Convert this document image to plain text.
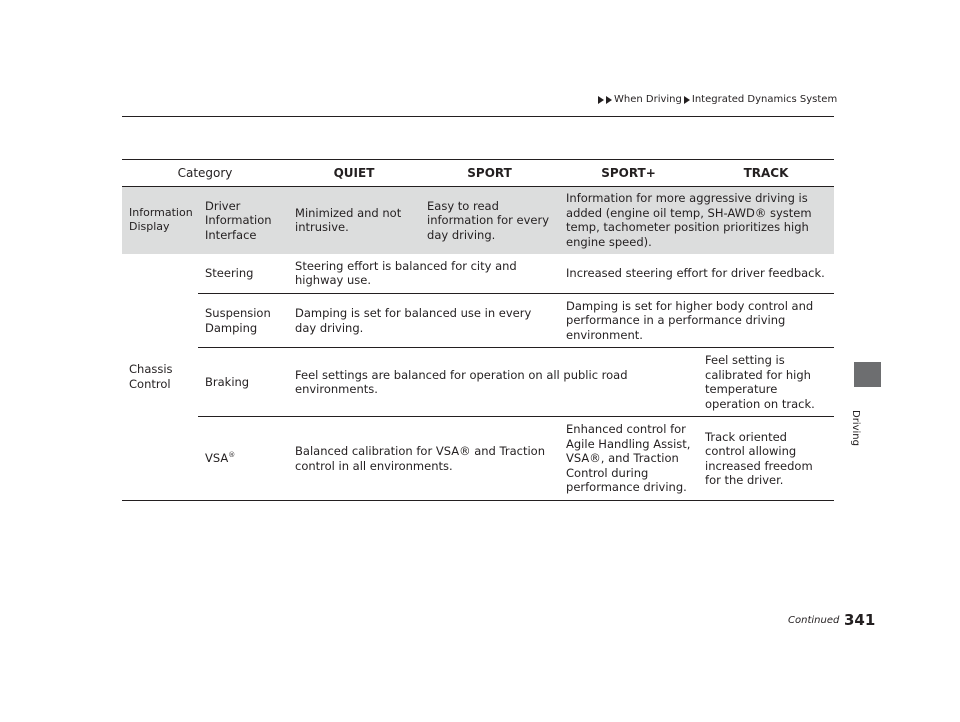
When Driving Integrated Dynamics System
Driving
Category		QUIET	SPORT	SPORT+	TRACK
Information Display	Driver Information Interface	Minimized and not intrusive.	Easy to read information for every day driving.	Information for more aggressive driving is added (engine oil temp, SH-AWD® system temp, tachometer position prioritizes high engine speed).	
Chassis Control	Steering	Steering effort is balanced for city and highway use.		Increased steering effort for driver feedback.	
	Suspension Damping	Damping is set for balanced use in every day driving.		Damping is set for higher body control and performance in a performance driving environment.	
	Braking	Feel settings are balanced for operation on all public road environments.			Feel setting is calibrated for high temperature operation on track.
	VSA®	Balanced calibration for VSA® and Traction control in all environments.		Enhanced control for Agile Handling Assist, VSA®, and Traction Control during performance driving.	Track oriented control allowing increased freedom for the driver.
Continued 341
